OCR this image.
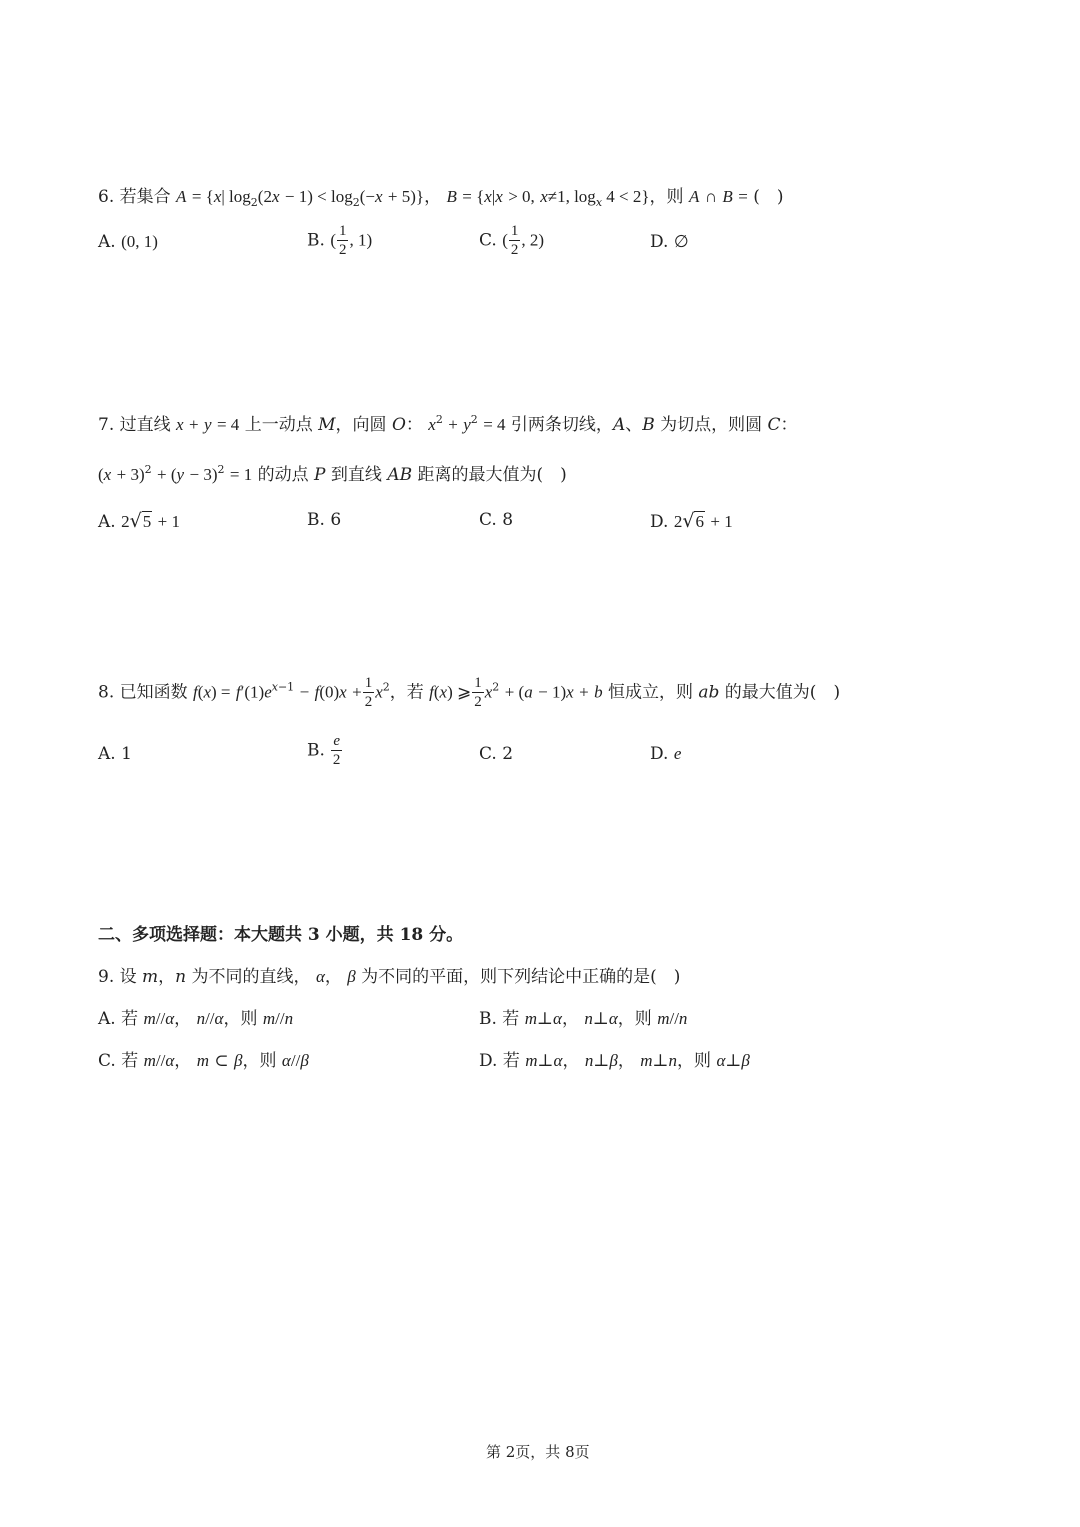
6. 若集合 A = {x| $\log_2(2x - 1) < \log_2(-x + 5)$}， B = {x|x > 0, x≠1, $\log_x 4 < 2$}，则 A ∩ B = (　)
A. (0, 1)	B. ( $\frac{1}{2}$ , 1)	C. ( $\frac{1}{2}$ , 2)	D. ∅
7. 过直线 x + y = 4 上一动点 M，向圆 O： $x^2 + y^2 = 4$ 引两条切线，A、B 为切点，则圆 C：
$(x + 3)^2 + (y - 3)^2 = 1$ 的动点 P 到直线 AB 距离的最大值为(　)
A. 2√5 + 1	B. 6	C. 8	D. 2√6 + 1
8. 已知函数 $f(x) = f'(1)e^{x-1} - f(0)x + \frac{1}{2} x^2$，若 f(x) ⩾ $\frac{1}{2} x^2 + (a - 1)x + b$ 恒成立，则 ab 的最大值为(　)
A. 1	B. $\frac{e}{2}$	C. 2	D. e
二、多项选择题：本大题共 3 小题，共 18 分。
9. 设 m，n 为不同的直线， α， β 为不同的平面，则下列结论中正确的是(　)
A. 若 m//α， n//α，则 m//n	B. 若 m⊥α， n⊥α，则 m//n
C. 若 m//α， m ⊂ β，则 α//β	D. 若 m⊥α， n⊥β， m⊥n，则 α⊥β
第 2页，共 8页
